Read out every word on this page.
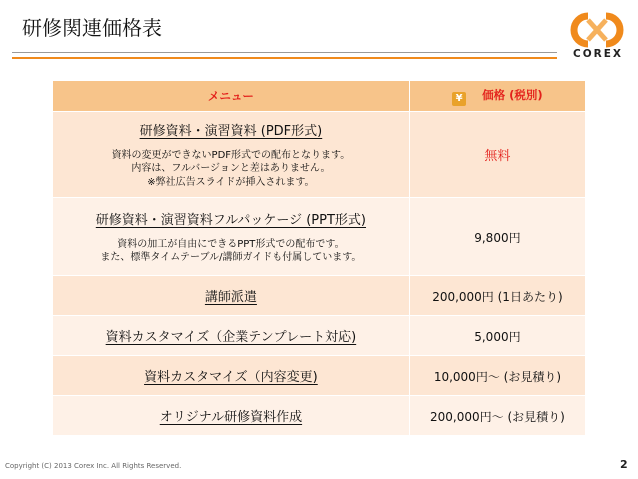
研修関連価格表
COREX
メニュー	¥ 価格 (税別)

研修資料・演習資料 (PDF形式)
資料の変更ができないPDF形式での配布となります。
内容は、フルバージョンと差はありません。
※弊社広告スライドが挿入されます。	無料

研修資料・演習資料フルパッケージ (PPT形式)
資料の加工が自由にできるPPT形式での配布です。
また、標準タイムテーブル/講師ガイドも付属しています。	9,800円
講師派遣	200,000円 (1日あたり)
資料カスタマイズ（企業テンプレート対応)	5,000円
資料カスタマイズ（内容変更)	10,000円～ (お見積り)
オリジナル研修資料作成	200,000円～ (お見積り)
Copyright (C) 2013 Corex Inc. All Rights Reserved.	2
